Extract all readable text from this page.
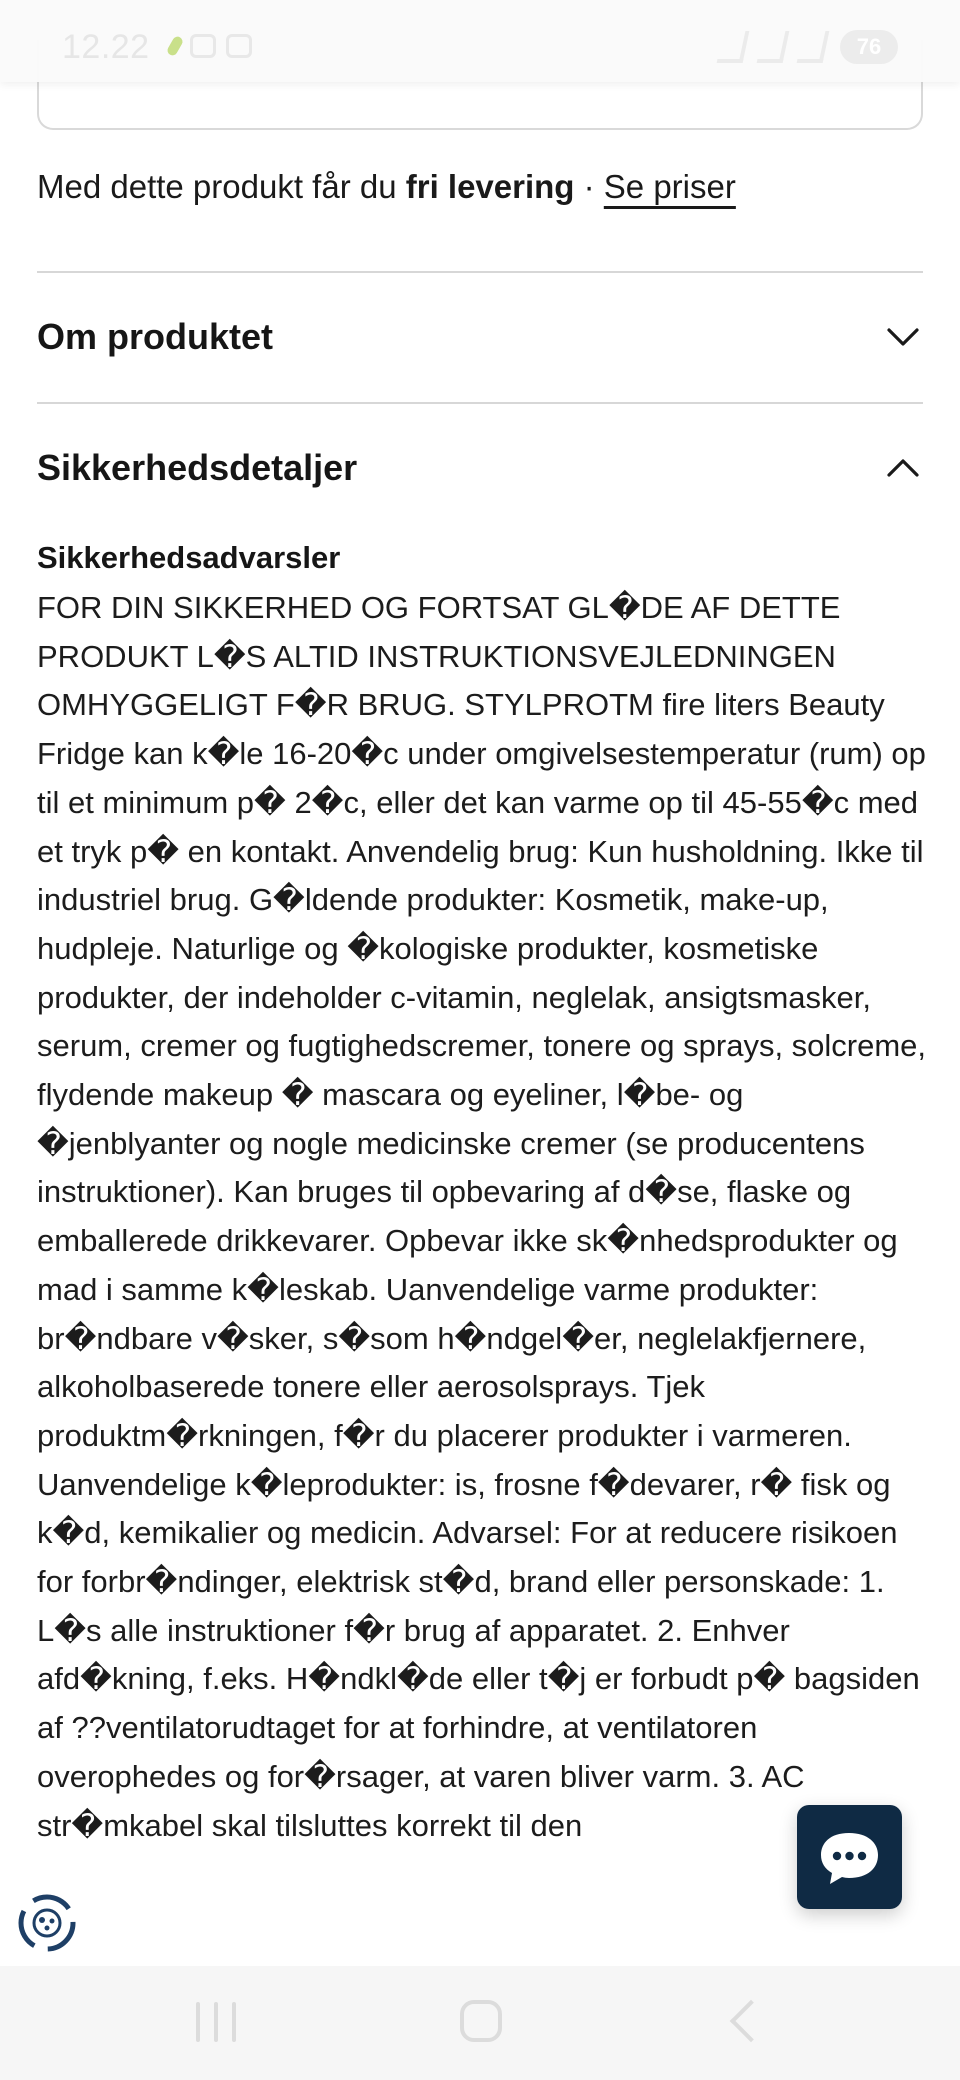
12.22	76
Med dette produkt får du fri levering · Se priser
Om produktet
Sikkerhedsdetaljer
Sikkerhedsadvarsler
FOR DIN SIKKERHED OG FORTSAT GL�DE AF DETTE PRODUKT L�S ALTID INSTRUKTIONSVEJLEDNINGEN OMHYGGELIGT F�R BRUG. STYLPROTM fire liters Beauty Fridge kan k�le 16-20�c under omgivelsestemperatur (rum) op til et minimum p� 2�c, eller det kan varme op til 45-55�c med et tryk p� en kontakt. Anvendelig brug: Kun husholdning. Ikke til industriel brug. G�ldende produkter: Kosmetik, make-up, hudpleje. Naturlige og �kologiske produkter, kosmetiske produkter, der indeholder c-vitamin, neglelak, ansigtsmasker, serum, cremer og fugtighedscremer, tonere og sprays, solcreme, flydende makeup � mascara og eyeliner, l�be- og �jenblyanter og nogle medicinske cremer (se producentens instruktioner). Kan bruges til opbevaring af d�se, flaske og emballerede drikkevarer. Opbevar ikke sk�nhedsprodukter og mad i samme k�leskab. Uanvendelige varme produkter: br�ndbare v�sker, s�som h�ndgel�er, neglelakfjernere, alkoholbaserede tonere eller aerosolsprays. Tjek produktm�rkningen, f�r du placerer produkter i varmeren. Uanvendelige k�leprodukter: is, frosne f�devarer, r� fisk og k�d, kemikalier og medicin. Advarsel: For at reducere risikoen for forbr�ndinger, elektrisk st�d, brand eller personskade: 1. L�s alle instruktioner f�r brug af apparatet. 2. Enhver afd�kning, f.eks. H�ndkl�de eller t�j er forbudt p� bagsiden af ??ventilatorudtaget for at forhindre, at ventilatoren overophedes og for�rsager, at varen bliver varm. 3. AC str�mkabel skal tilsluttes korrekt til den
